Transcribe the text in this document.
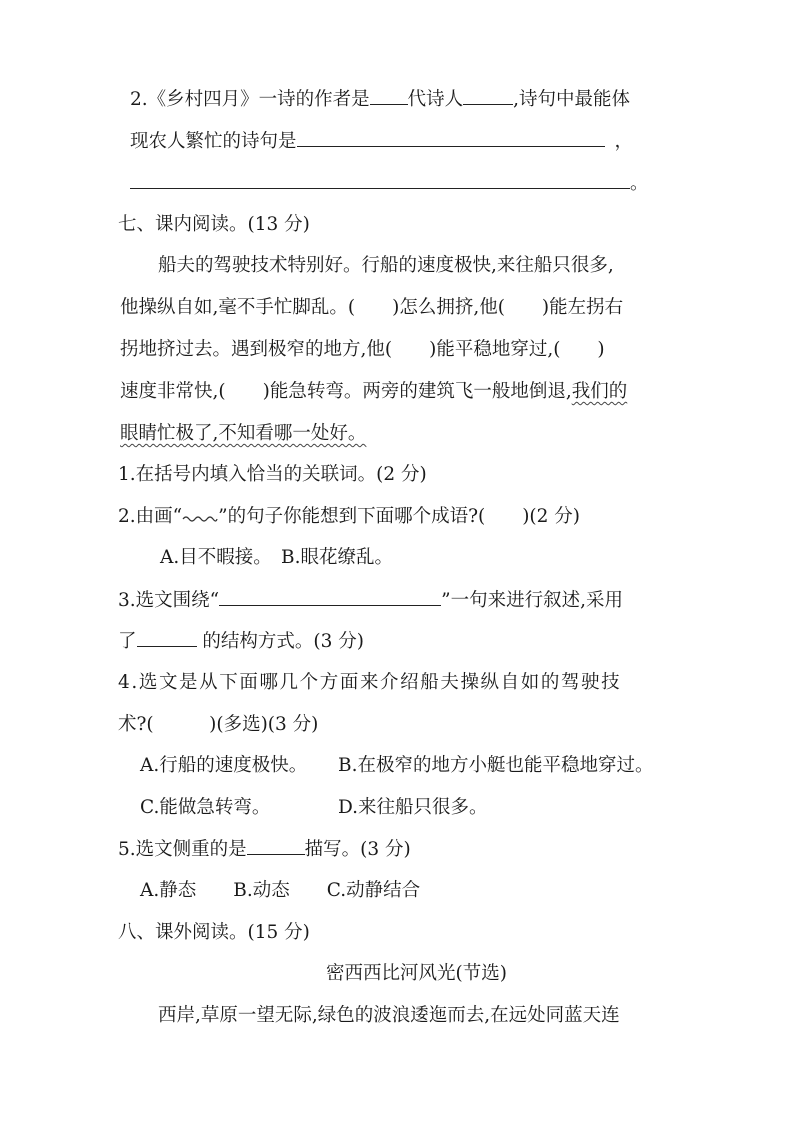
2.《乡村四月》一诗的作者是 代诗人	,诗句中最能体
现农人繁忙的诗句是	，
。
七、课内阅读。(13 分)
船夫的驾驶技术特别好。行船的速度极快,来往船只很多,
他操纵自如,毫不手忙脚乱。(　　)怎么拥挤,他(　　)能左拐右
拐地挤过去。遇到极窄的地方,他(　　)能平稳地穿过,(　　)
速度非常快,(　　)能急转弯。两旁的建筑飞一般地倒退,我们的
眼睛忙极了,不知看哪一处好。
1.在括号内填入恰当的关联词。(2 分)
2.由画“ ”的句子你能想到下面哪个成语?(　　)(2 分)
A.目不暇接。　B.眼花缭乱。
3.选文围绕“	”一句来进行叙述,采用
了	的结构方式。(3 分)
4.选文是从下面哪几个方面来介绍船夫操纵自如的驾驶技
术?(　　　)(多选)(3 分)
A.行船的速度极快。 B.在极窄的地方小艇也能平稳地穿过。
C.能做急转弯。	D.来往船只很多。
5.选文侧重的是	描写。(3 分)
A.静态　　B.动态　　C.动静结合
八、课外阅读。(15 分)
密西西比河风光(节选)
西岸,草原一望无际,绿色的波浪逶迤而去,在远处同蓝天连
